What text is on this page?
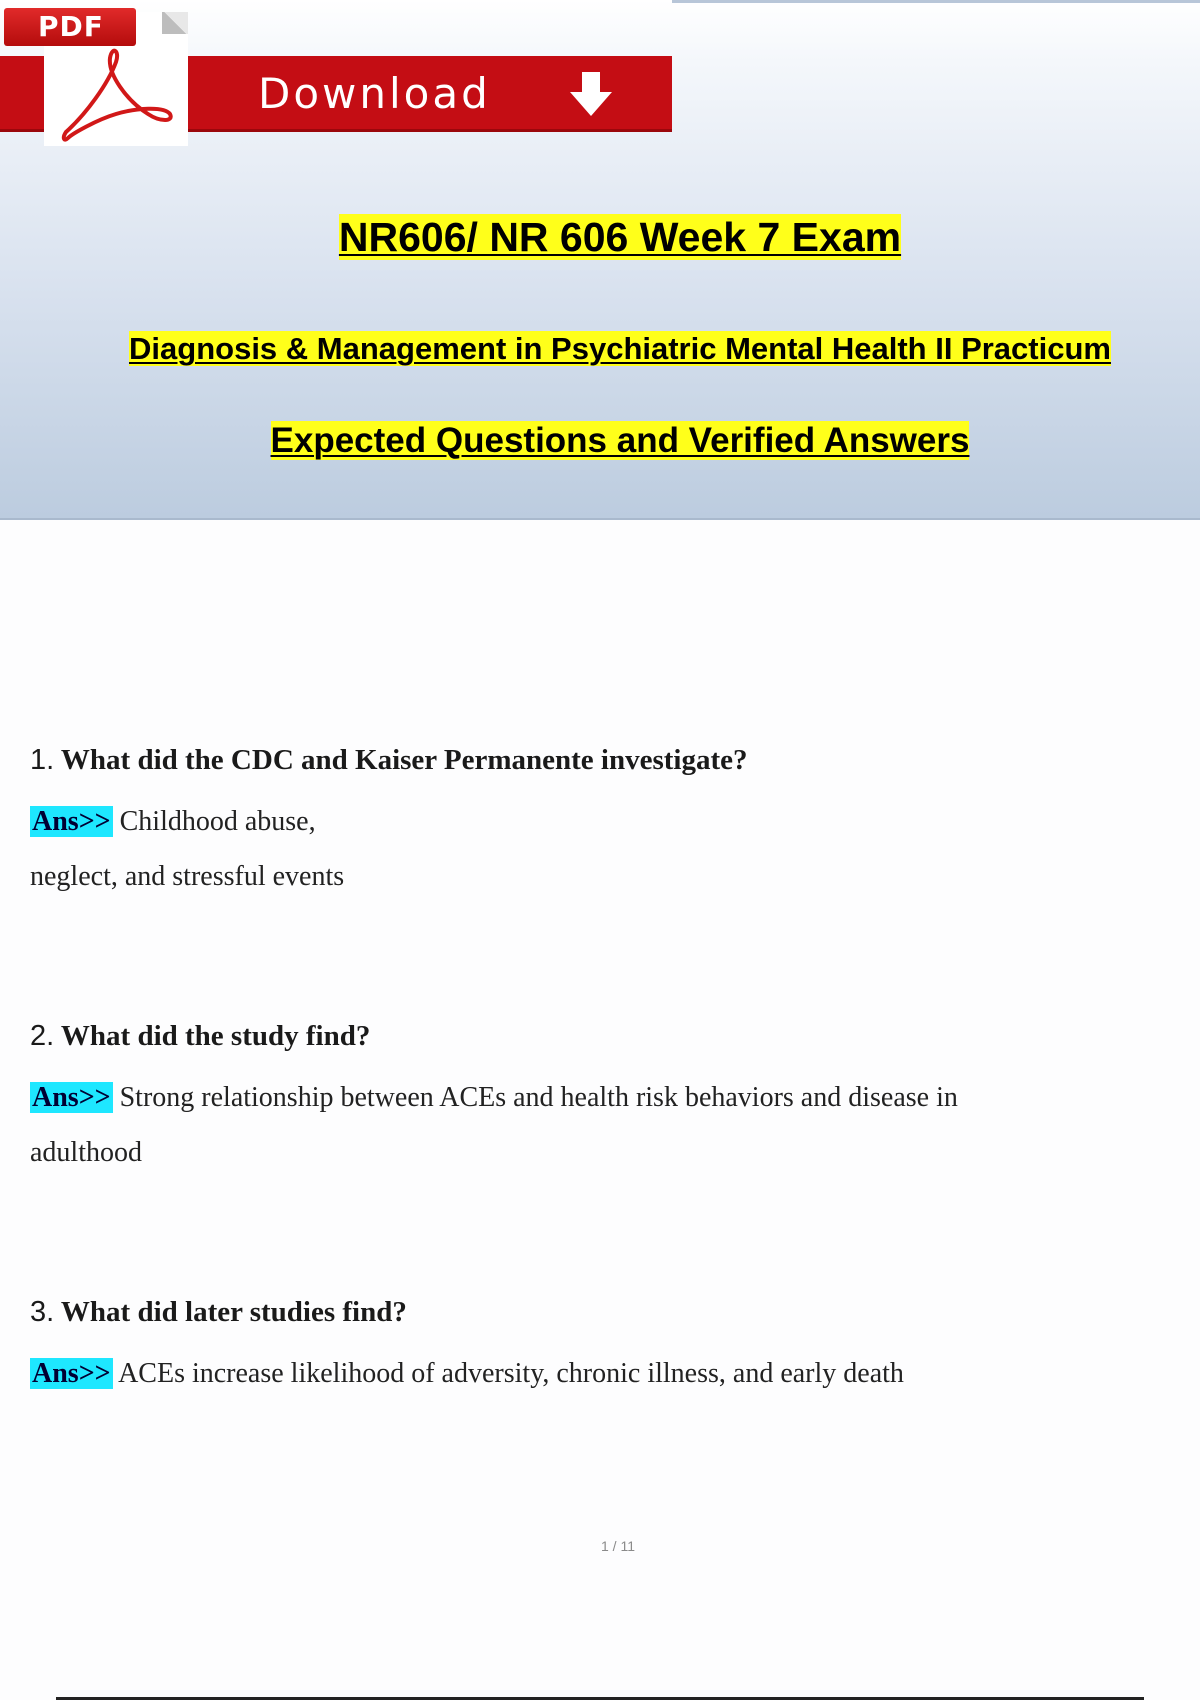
Download
PDF
NR606/ NR 606 Week 7 Exam
Diagnosis & Management in Psychiatric Mental Health II Practicum
Expected Questions and Verified Answers

1. What did the CDC and Kaiser Permanente investigate?

Ans>> Childhood abuse,
neglect, and stressful events

2. What did the study find?

Ans>> Strong relationship between ACEs and health risk behaviors and disease in
adulthood

3. What did later studies find?

Ans>> ACEs increase likelihood of adversity, chronic illness, and early death

1 / 11
